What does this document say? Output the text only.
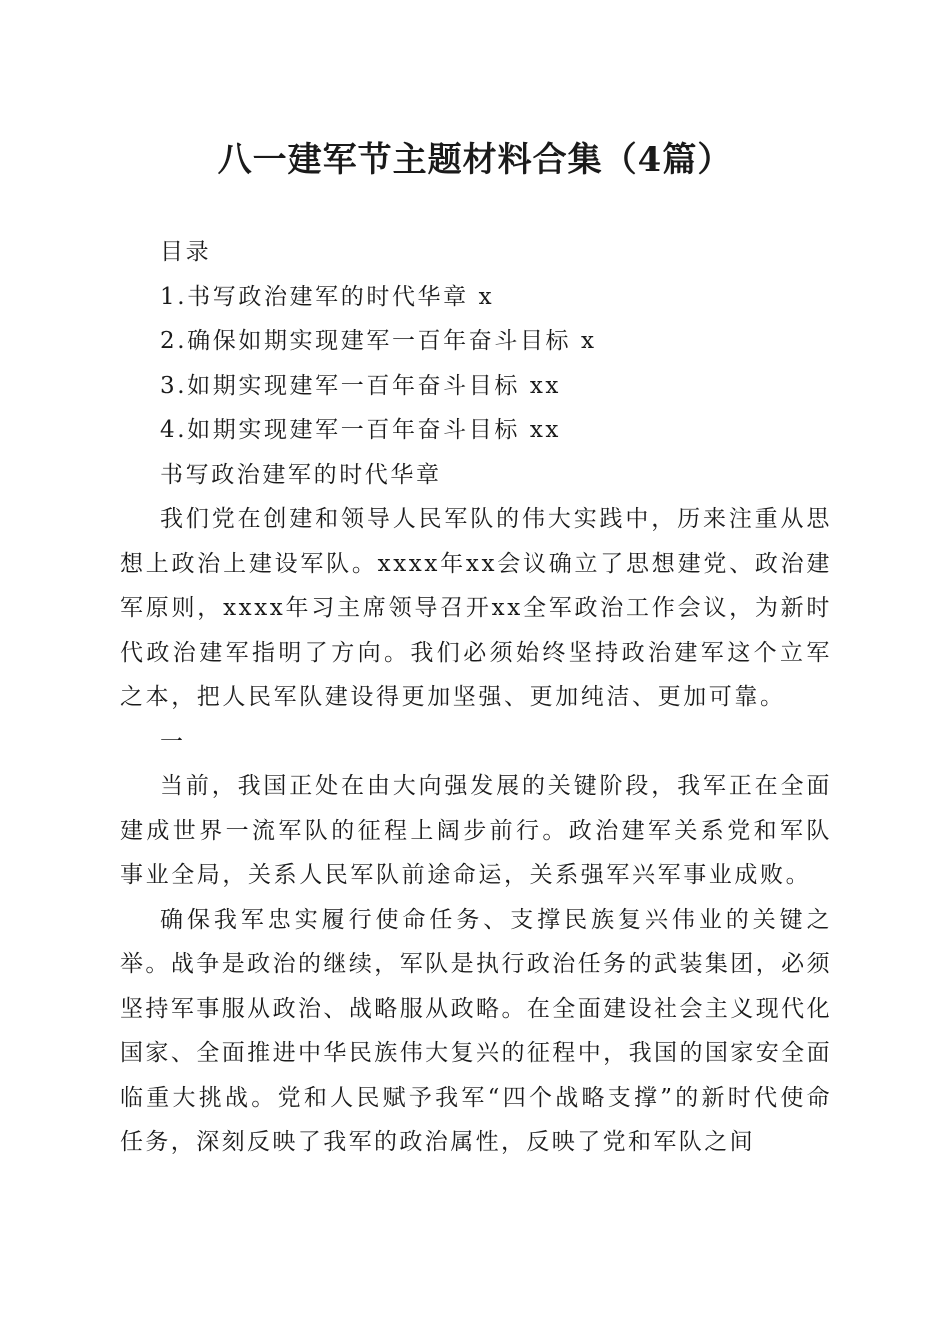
八一建军节主题材料合集（4篇）

目录

1.书写政治建军的时代华章 x

2.确保如期实现建军一百年奋斗目标 x

3.如期实现建军一百年奋斗目标 xx

4.如期实现建军一百年奋斗目标 xx

书写政治建军的时代华章

我们党在创建和领导人民军队的伟大实践中，历来注重从思想上政治上建设军队。xxxx年xx会议确立了思想建党、政治建军原则，xxxx年习主席领导召开xx全军政治工作会议，为新时代政治建军指明了方向。我们必须始终坚持政治建军这个立军之本，把人民军队建设得更加坚强、更加纯洁、更加可靠。

一

当前，我国正处在由大向强发展的关键阶段，我军正在全面建成世界一流军队的征程上阔步前行。政治建军关系党和军队事业全局，关系人民军队前途命运，关系强军兴军事业成败。

确保我军忠实履行使命任务、支撑民族复兴伟业的关键之举。战争是政治的继续，军队是执行政治任务的武装集团，必须坚持军事服从政治、战略服从政略。在全面建设社会主义现代化国家、全面推进中华民族伟大复兴的征程中，我国的国家安全面临重大挑战。党和人民赋予我军“四个战略支撑”的新时代使命任务，深刻反映了我军的政治属性，反映了党和军队之间
